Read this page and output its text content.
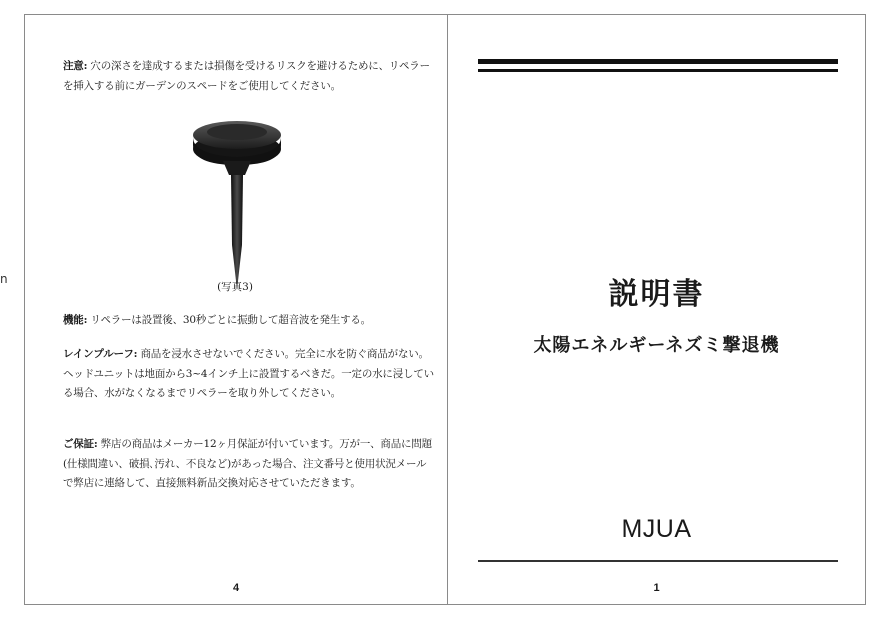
n
注意: 穴の深さを達成するまたは損傷を受けるリスクを避けるために、リペラーを挿入する前にガーデンのスペードをご使用してください。
(写真3)
機能: リペラーは設置後、30秒ごとに振動して超音波を発生する。
レインプルーフ: 商品を浸水させないでください。完全に水を防ぐ商品がない。ヘッドユニットは地面から3~4インチ上に設置するべきだ。一定の水に浸している場合、水がなくなるまでリペラーを取り外してください。
ご保証: 弊店の商品はメーカー12ヶ月保証が付いています。万が一、商品に問題(仕様間違い、破損､汚れ、不良など)があった場合、注文番号と使用状況メールで弊店に連絡して、直接無料新品交換対応させていただきます。
4
説明書
太陽エネルギーネズミ撃退機
MJUA
1
